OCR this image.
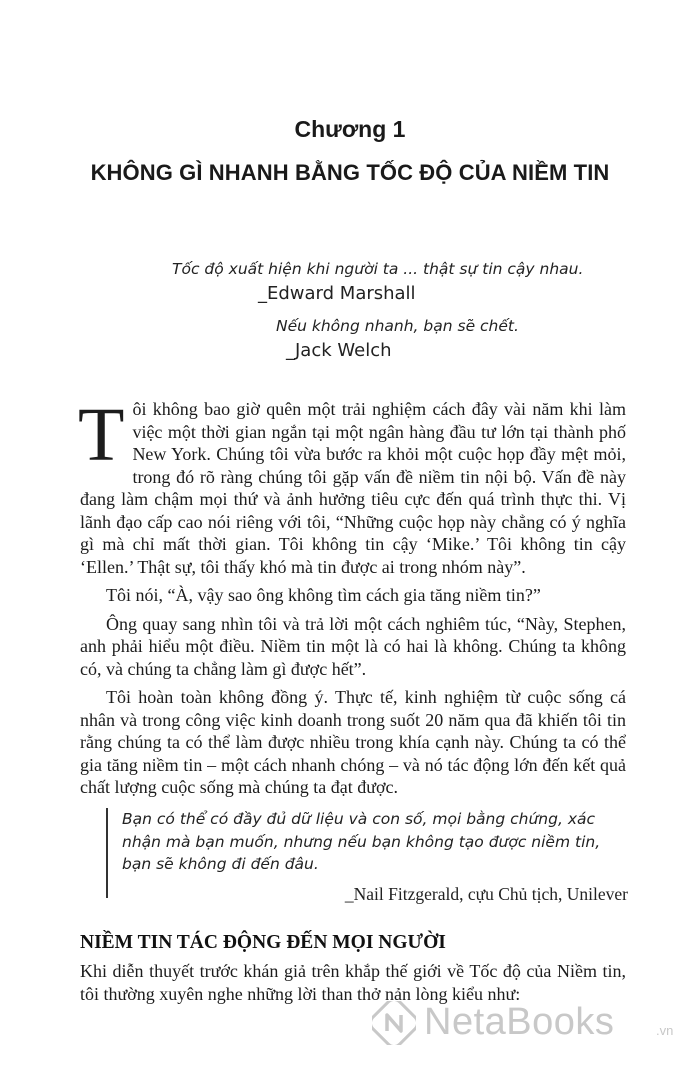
Chương 1
KHÔNG GÌ NHANH BẰNG TỐC ĐỘ CỦA NIỀM TIN
Tốc độ xuất hiện khi người ta ... thật sự tin cậy nhau.
_Edward Marshall
Nếu không nhanh, bạn sẽ chết.
_Jack Welch

Tôi không bao giờ quên một trải nghiệm cách đây vài năm khi làm việc một thời gian ngắn tại một ngân hàng đầu tư lớn tại thành phố New York. Chúng tôi vừa bước ra khỏi một cuộc họp đầy mệt mỏi, trong đó rõ ràng chúng tôi gặp vấn đề niềm tin nội bộ. Vấn đề này đang làm chậm mọi thứ và ảnh hưởng tiêu cực đến quá trình thực thi. Vị lãnh đạo cấp cao nói riêng với tôi, “Những cuộc họp này chẳng có ý nghĩa gì mà chỉ mất thời gian. Tôi không tin cậy ‘Mike.’ Tôi không tin cậy ‘Ellen.’ Thật sự, tôi thấy khó mà tin được ai trong nhóm này”.

Tôi nói, “À, vậy sao ông không tìm cách gia tăng niềm tin?”

Ông quay sang nhìn tôi và trả lời một cách nghiêm túc, “Này, Stephen, anh phải hiểu một điều. Niềm tin một là có hai là không. Chúng ta không có, và chúng ta chẳng làm gì được hết”.

Tôi hoàn toàn không đồng ý. Thực tế, kinh nghiệm từ cuộc sống cá nhân và trong công việc kinh doanh trong suốt 20 năm qua đã khiến tôi tin rằng chúng ta có thể làm được nhiều trong khía cạnh này. Chúng ta có thể gia tăng niềm tin – một cách nhanh chóng – và nó tác động lớn đến kết quả chất lượng cuộc sống mà chúng ta đạt được.

Bạn có thể có đầy đủ dữ liệu và con số, mọi bằng chứng, xác nhận mà bạn muốn, nhưng nếu bạn không tạo được niềm tin, bạn sẽ không đi đến đâu.
_Nail Fitzgerald, cựu Chủ tịch, Unilever
NIỀM TIN TÁC ĐỘNG ĐẾN MỌI NGƯỜI

Khi diễn thuyết trước khán giả trên khắp thế giới về Tốc độ của Niềm tin, tôi thường xuyên nghe những lời than thở nản lòng kiểu như:

NetaBooks	.vn
